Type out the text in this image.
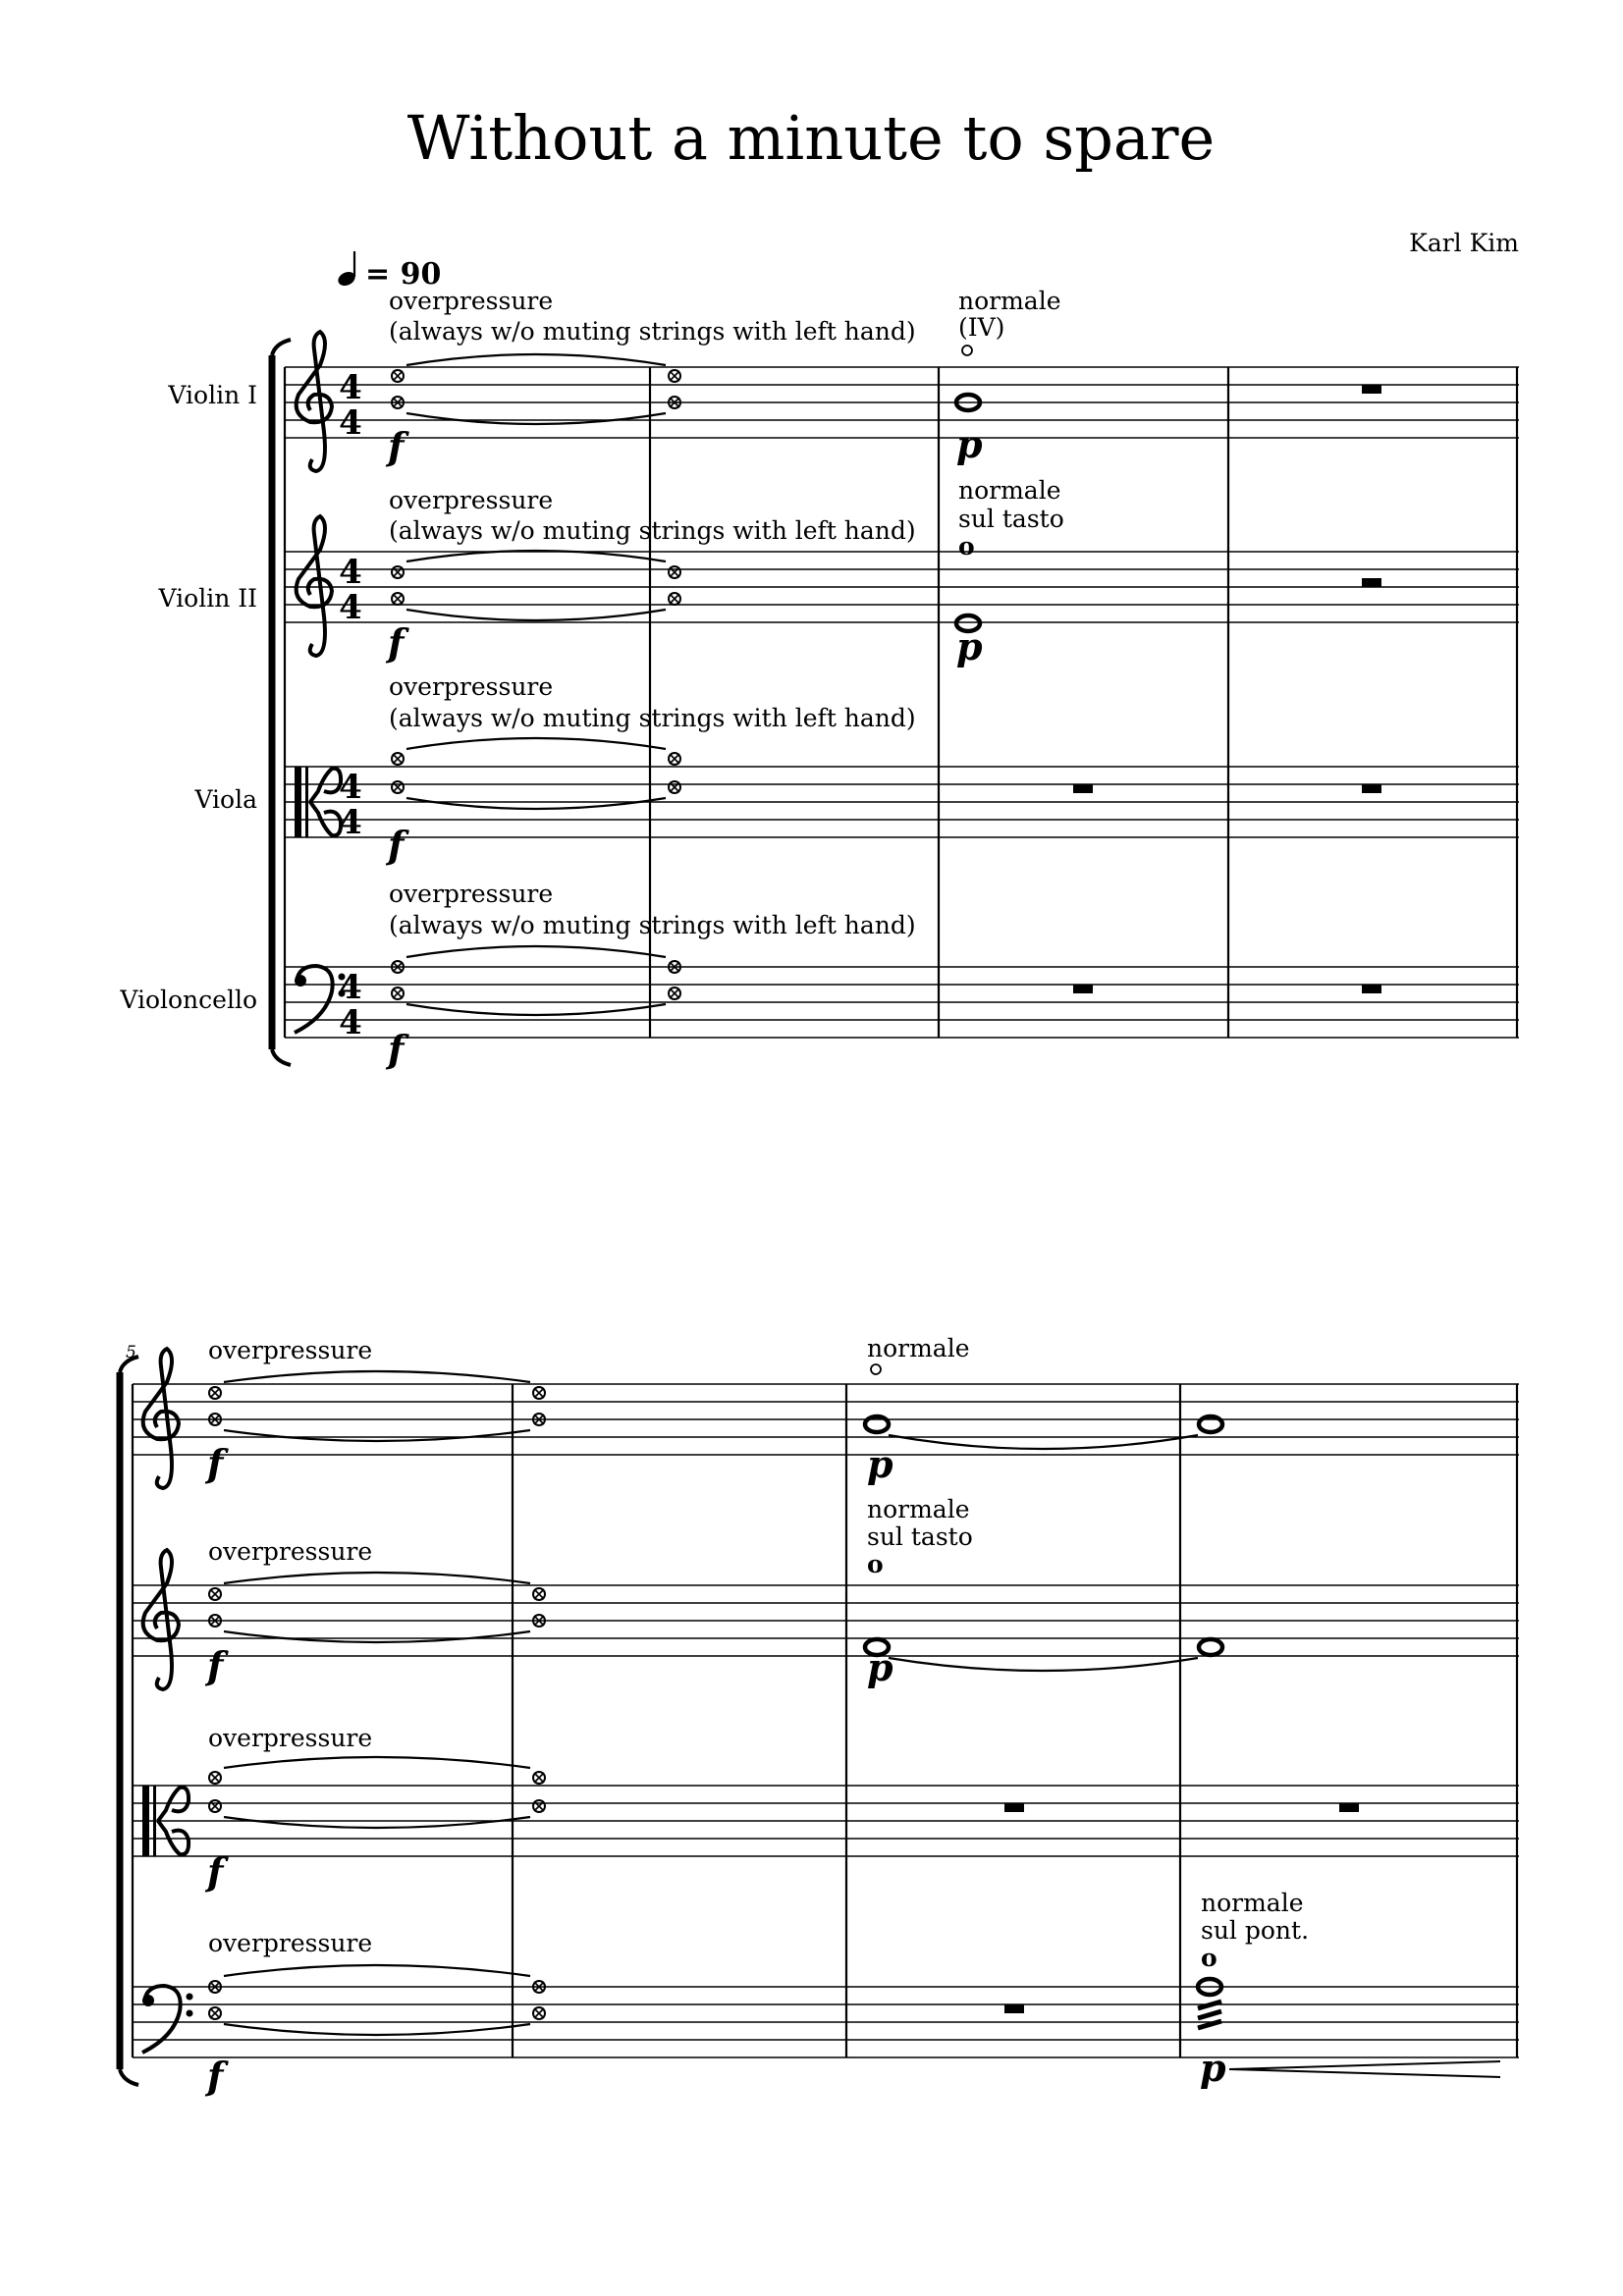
Without a minute to spare
Karl Kim
= 90
Violin I
Violin II
Viola
Violoncello
4
4
4
4
4
4
4
4
overpressure
(always w/o muting strings with left hand)
f
normale
(IV)
p
overpressure
(always w/o muting strings with left hand)
f
normale
sul tasto
o
p
overpressure
(always w/o muting strings with left hand)
f
overpressure
(always w/o muting strings with left hand)
f
5	overpressure
f
normale
p
overpressure
f
normale
sul tasto
o
p
overpressure
f
overpressure
f
normale
sul pont.
o
p
